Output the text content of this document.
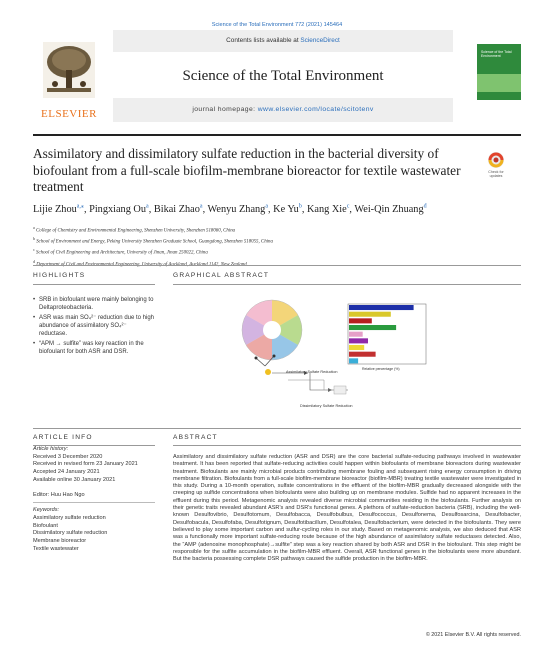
Science of the Total Environment 772 (2021) 145464
ELSEVIER
Contents lists available at ScienceDirect
Science of the Total Environment
journal homepage: www.elsevier.com/locate/scitotenv
Science of the Total Environment
Assimilatory and dissimilatory sulfate reduction in the bacterial diversity of biofoulant from a full-scale biofilm-membrane bioreactor for textile wastewater treatment
Check for updates
Lijie Zhou$^{a,⁎}$, Pingxiang Ou$^a$, Bikai Zhao$^a$, Wenyu Zhang$^a$, Ke Yu$^b$, Kang Xie$^c$, Wei-Qin Zhuang$^d$
$^a$ College of Chemistry and Environmental Engineering, Shenzhen University, Shenzhen 518060, China
$^b$ School of Environment and Energy, Peking University Shenzhen Graduate School, Guangdong, Shenzhen 518055, China
$^c$ School of Civil Engineering and Architecture, University of Jinan, Jinan 250022, China
$^d$
HIGHLIGHTS
• SRB in biofoulant were mainly belonging to Deltaproteobacteria.
• ASR was main SO₄²⁻ reduction due to high abundance of assimilatory SO₄²⁻ reductase.
• “APM → sulfite” was key reaction in the biofoulant for both ASR and DSR.
GRAPHICAL ABSTRACT
Assimilatory Sulfate Reduction
Dissimilatory Sulfate Reduction
Relative percentage (%)
ARTICLE INFO
Article history:
Received 3 December 2020
Received in revised form 23 January 2021
Accepted 24 January 2021
Available online 30 January 2021
Editor: Huu Hao Ngo
Keywords:
Assimilatory sulfate reduction
Biofoulant
Dissimilatory sulfate reduction
Membrane bioreactor
Textile wastewater
ABSTRACT
Assimilatory and dissimilatory sulfate reduction (ASR and DSR) are the core bacterial sulfate-reducing pathways involved in wastewater treatment. It has been reported that sulfate-reducing activities could happen within biofoulants of membrane bioreactors during wastewater treatment. Biofoulants are mainly microbial products contributing membrane fouling and subsequent rising energy consumption in driving membrane filtration. Biofoulants from a full-scale biofilm-membrane bioreactor (biofilm-MBR) treating textile wastewater were investigated in this study. During a 10-month operation, sulfate concentrations in the effluent of the biofilm-MBR gradually decreased alongside with the creeping up sulfide concentrations when biofoulants were also building up on membrane modules. Sulfide had no apparent increases in the effluent during this period. Metagenomic analysis revealed diverse microbial communities residing in the biofoulants. Further analysis on their genetic traits revealed abundant ASR's and DSR's functional genes. A plethora of sulfate-reduction bacteria (SRB), including the well-known Desulfovibrio, Desulfotomum, Desulfobacca, Desulfobulbus, Desulfococcus, Desulfonema, Desulfosarcina, Desulfobacter, Desulfobacula, Desulfofaba, Desulfotignum, Desulfotibacillum, Desulfotalea, Desulfobacterium, were detected in the biofoulants. They were believed to play some important carbon and sulfur-cycling roles in our study. Based on metagenomic analysis, we also deduced that ASR was a functionally more important sulfate-reducing route because of the high abundance of assimilatory sulfate reductases detected. Also, the “AMP (adenosine monophosphate)→sulfite” step was a key reaction shared by both ASR and DSR in the biofoulant. This step might be responsible for the sulfite accumulation in the biofilm-MBR effluent. Overall, ASR functional genes in the biofoulants were more abundant. But the bacteria possessing complete DSR pathways caused the sulfide production in the biofilm-MBR.
© 2021 Elsevier B.V. All rights reserved.
